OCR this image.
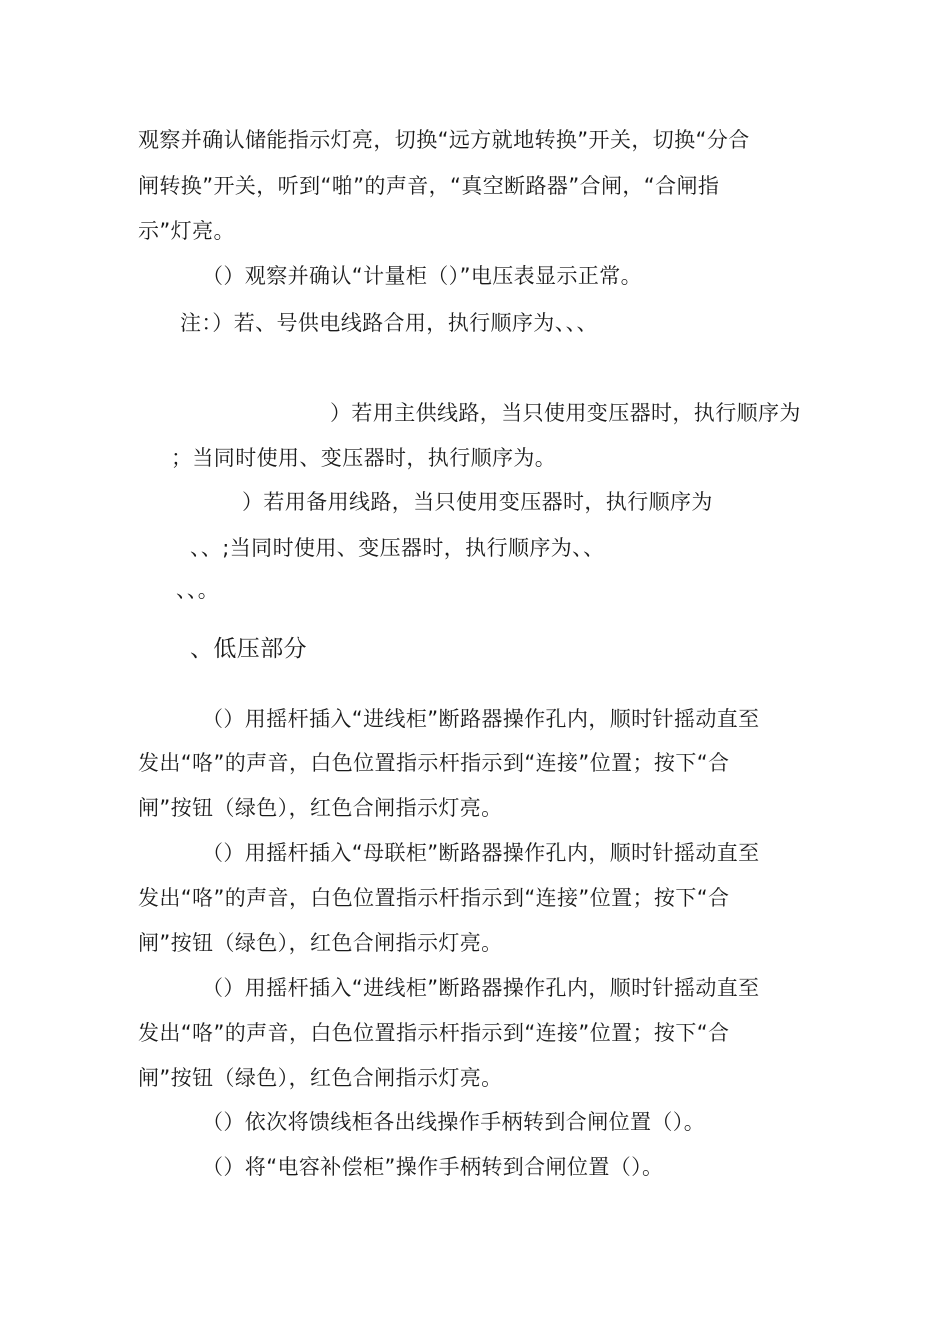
观察并确认储能指示灯亮，切换“远方就地转换”开关，切换“分合
闸转换”开关，听到“啪”的声音，“真空断路器”合闸，“合闸指
示”灯亮。
（）观察并确认“计量柜（）”电压表显示正常。
注：）若、号供电线路合用，执行顺序为、、、
）若用主供线路，当只使用变压器时，执行顺序为
；当同时使用、变压器时，执行顺序为。
）若用备用线路，当只使用变压器时，执行顺序为
、、;当同时使用、变压器时，执行顺序为、、
、、。
、低压部分
（）用摇杆插入“进线柜”断路器操作孔内，顺时针摇动直至
发出“咯”的声音，白色位置指示杆指示到“连接”位置；按下“合
闸”按钮（绿色），红色合闸指示灯亮。
（）用摇杆插入“母联柜”断路器操作孔内，顺时针摇动直至
发出“咯”的声音，白色位置指示杆指示到“连接”位置；按下“合
闸”按钮（绿色），红色合闸指示灯亮。
（）用摇杆插入“进线柜”断路器操作孔内，顺时针摇动直至
发出“咯”的声音，白色位置指示杆指示到“连接”位置；按下“合
闸”按钮（绿色），红色合闸指示灯亮。
（）依次将馈线柜各出线操作手柄转到合闸位置（）。
（）将“电容补偿柜”操作手柄转到合闸位置（）。
